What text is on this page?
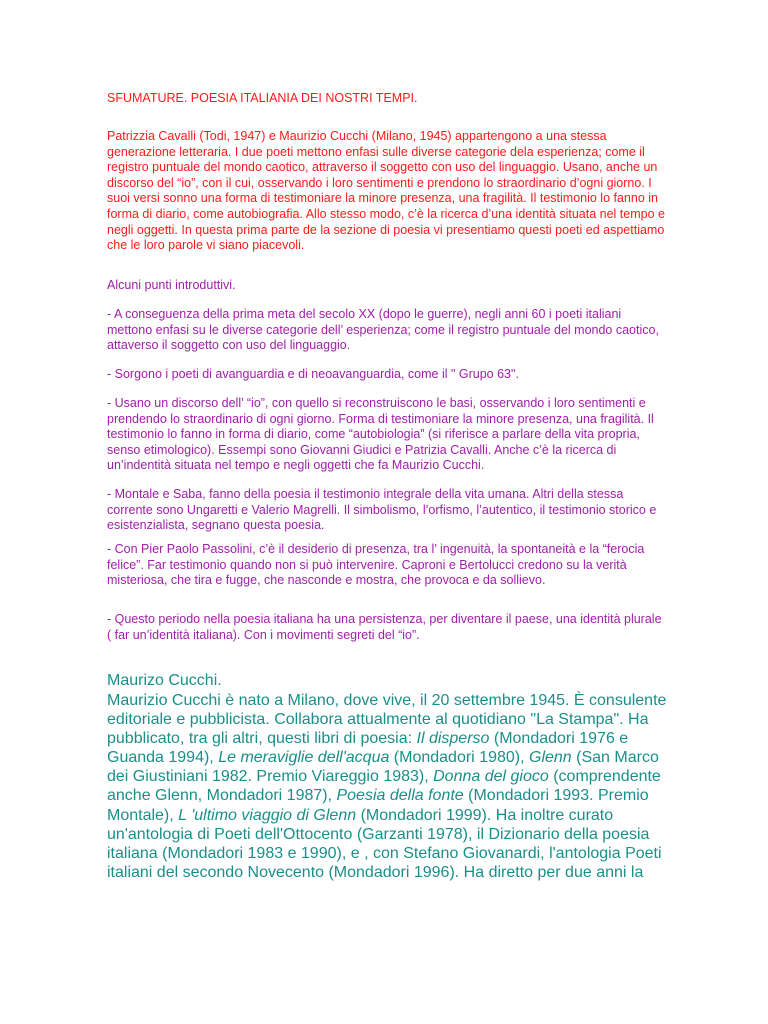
SFUMATURE. POESIA ITALIANIA DEI NOSTRI TEMPI.
Patrizzia Cavalli (Todi, 1947) e Maurizio Cucchi (Milano, 1945) appartengono a una stessa generazione letteraria. I due poeti mettono enfasi sulle diverse categorie dela esperienza; come il registro puntuale del mondo caotico, attraverso il soggetto con uso del linguaggio. Usano, anche un discorso del “io”, con il cui, osservando i loro sentimenti e prendono lo straordinario d’ogni giorno. I suoi versi sonno una forma di testimoniare la minore presenza, una fragilità. Il testimonio lo fanno in forma di diario, come autobiografia. Allo stesso modo, c’è la ricerca d’una identità situata nel tempo e negli oggetti. In questa prima parte de la sezione di poesia vi presentiamo questi poeti ed aspettiamo che le loro parole vi siano piacevoli.
Alcuni punti introduttivi.
- A conseguenza della prima meta del secolo XX (dopo le guerre), negli anni 60 i poeti italiani mettono enfasi su le diverse categorie dell’ esperienza; come il registro puntuale del mondo caotico, attaverso il soggetto con uso del linguaggio.
- Sorgono i poeti di avanguardia e di neoavanguardia, come il " Grupo 63".
- Usano un discorso dell’ “io”, con quello si reconstruiscono le basi, osservando i loro sentimenti e prendendo lo straordinario di ogni giorno. Forma di testimoniare la minore presenza, una fragilità. Il testimonio lo fanno in forma di diario, come “autobiologia” (si riferisce a parlare della vita propria, senso etimologico). Essempi sono Giovanni Giudici e Patrizia Cavalli. Anche c’è la ricerca di un’indentità situata nel tempo e negli oggetti che fa Maurizio Cucchi.
- Montale e Saba, fanno della poesia il testimonio integrale della vita umana. Altri della stessa corrente sono Ungaretti e Valerio Magrelli. Il simbolismo, l’orfismo, l’autentico, il testimonio storico e esistenzialista, segnano questa poesia.
- Con Pier Paolo Passolini, c’è il desiderio di presenza, tra l’ ingenuità, la spontaneità e la “ferocia felice”. Far testimonio quando non si può intervenire. Caproni e Bertolucci credono su la verità misteriosa, che tira e fugge, che nasconde e mostra, che provoca e da sollievo.
- Questo periodo nella poesia italiana ha una persistenza, per diventare il paese, una identità plurale ( far un’identità italiana). Con i movimenti segreti del “io”.
Maurizo Cucchi.
Maurizio Cucchi è nato a Milano, dove vive, il 20 settembre 1945. È consulente editoriale e pubblicista. Collabora attualmente al quotidiano "La Stampa". Ha pubblicato, tra gli altri, questi libri di poesia: Il disperso (Mondadori 1976 e Guanda 1994), Le meraviglie dell'acqua (Mondadori 1980), Glenn (San Marco dei Giustiniani 1982. Premio Viareggio 1983), Donna del gioco (comprendente anche Glenn, Mondadori 1987), Poesia della fonte (Mondadori 1993. Premio Montale), L 'ultimo viaggio di Glenn (Mondadori 1999). Ha inoltre curato un'antologia di Poeti dell'Ottocento (Garzanti 1978), il Dizionario della poesia italiana (Mondadori 1983 e 1990), e , con Stefano Giovanardi, l'antologia Poeti italiani del secondo Novecento (Mondadori 1996). Ha diretto per due anni la
